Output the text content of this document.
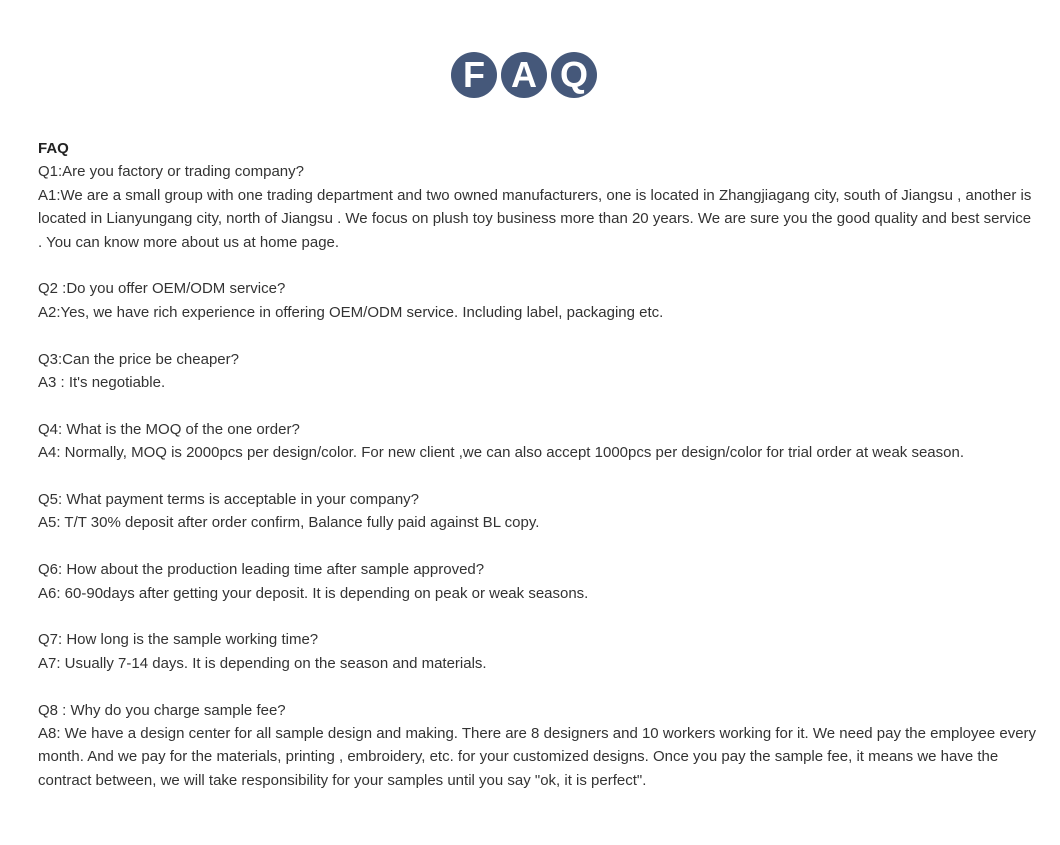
F A Q
FAQ
Q1:Are you factory or trading company?
A1:We are a small group with one trading department and two owned manufacturers, one is located in Zhangjiagang city, south of Jiangsu , another is located in Lianyungang city, north of Jiangsu . We focus on plush toy business more than 20 years. We are sure you the good quality and best service . You can know more about us at home page.
Q2 :Do you offer OEM/ODM service?
A2:Yes, we have rich experience in offering OEM/ODM service. Including label, packaging etc.
Q3:Can the price be cheaper?
A3 : It's negotiable.
Q4: What is the MOQ of the one order?
A4: Normally, MOQ is 2000pcs per design/color. For new client ,we can also accept 1000pcs per design/color for trial order at weak season.
Q5: What payment terms is acceptable in your company?
A5: T/T 30% deposit after order confirm, Balance fully paid against BL copy.
Q6: How about the production leading time after sample approved?
A6: 60-90days after getting your deposit. It is depending on peak or weak seasons.
Q7: How long is the sample working time?
A7: Usually 7-14 days. It is depending on the season and materials.
Q8 : Why do you charge sample fee?
A8: We have a design center for all sample design and making. There are 8 designers and 10 workers working for it. We need pay the employee every month. And we pay for the materials, printing , embroidery, etc. for your customized designs. Once you pay the sample fee, it means we have the contract between, we will take responsibility for your samples until you say "ok, it is perfect".
